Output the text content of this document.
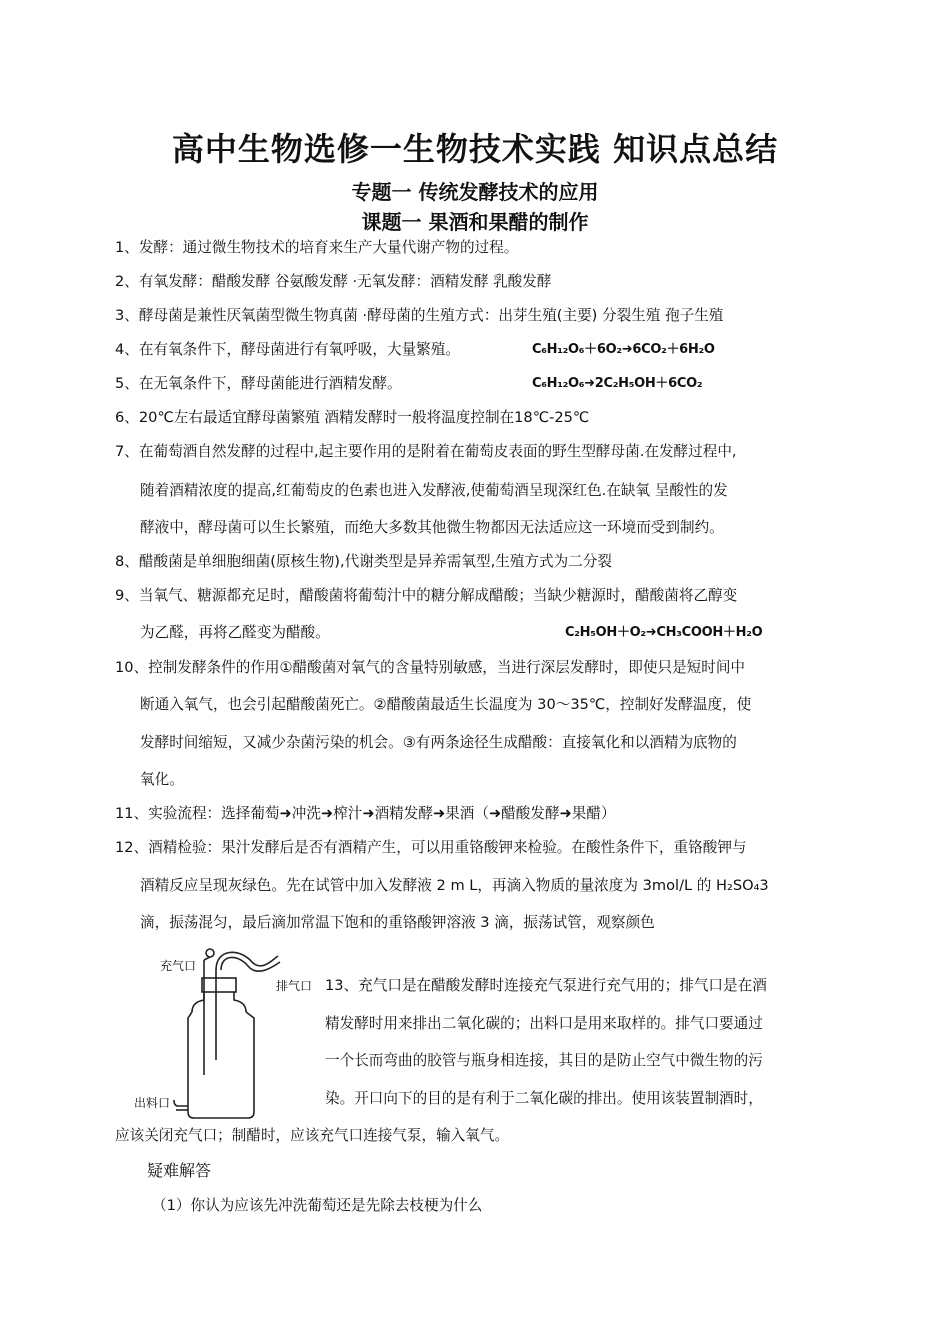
高中生物选修一生物技术实践 知识点总结
专题一 传统发酵技术的应用
课题一 果酒和果醋的制作
1、发酵：通过微生物技术的培育来生产大量代谢产物的过程。
2、有氧发酵：醋酸发酵 谷氨酸发酵 ·无氧发酵：酒精发酵 乳酸发酵
3、酵母菌是兼性厌氧菌型微生物真菌 ·酵母菌的生殖方式：出芽生殖(主要) 分裂生殖 孢子生殖
4、在有氧条件下，酵母菌进行有氧呼吸，大量繁殖。	C₆H₁₂O₆＋6O₂➜6CO₂＋6H₂O
5、在无氧条件下，酵母菌能进行酒精发酵。	C₆H₁₂O₆➜2C₂H₅OH＋6CO₂
6、20℃左右最适宜酵母菌繁殖 酒精发酵时一般将温度控制在18℃-25℃
7、在葡萄酒自然发酵的过程中,起主要作用的是附着在葡萄皮表面的野生型酵母菌.在发酵过程中,
随着酒精浓度的提高,红葡萄皮的色素也进入发酵液,使葡萄酒呈现深红色.在缺氧 呈酸性的发
酵液中，酵母菌可以生长繁殖，而绝大多数其他微生物都因无法适应这一环境而受到制约。
8、醋酸菌是单细胞细菌(原核生物),代谢类型是异养需氧型,生殖方式为二分裂
9、当氧气、糖源都充足时，醋酸菌将葡萄汁中的糖分解成醋酸；当缺少糖源时，醋酸菌将乙醇变
为乙醛，再将乙醛变为醋酸。	C₂H₅OH＋O₂➜CH₃COOH＋H₂O
10、控制发酵条件的作用①醋酸菌对氧气的含量特别敏感，当进行深层发酵时，即使只是短时间中
断通入氧气，也会引起醋酸菌死亡。②醋酸菌最适生长温度为 30～35℃，控制好发酵温度，使
发酵时间缩短，又减少杂菌污染的机会。③有两条途径生成醋酸：直接氧化和以酒精为底物的
氧化。
11、实验流程：选择葡萄➜冲洗➜榨汁➜酒精发酵➜果酒（➜醋酸发酵➜果醋）
12、酒精检验：果汁发酵后是否有酒精产生，可以用重铬酸钾来检验。在酸性条件下，重铬酸钾与
酒精反应呈现灰绿色。先在试管中加入发酵液 2 m L，再滴入物质的量浓度为 3mol/L 的 H₂SO₄3
滴，振荡混匀，最后滴加常温下饱和的重铬酸钾溶液 3 滴，振荡试管，观察颜色
充气口
排气口
出料口
13、充气口是在醋酸发酵时连接充气泵进行充气用的；排气口是在酒
精发酵时用来排出二氧化碳的；出料口是用来取样的。排气口要通过
一个长而弯曲的胶管与瓶身相连接，其目的是防止空气中微生物的污
染。开口向下的目的是有利于二氧化碳的排出。使用该装置制酒时，
应该关闭充气口；制醋时，应该充气口连接气泵，输入氧气。
疑难解答
（1）你认为应该先冲洗葡萄还是先除去枝梗为什么
